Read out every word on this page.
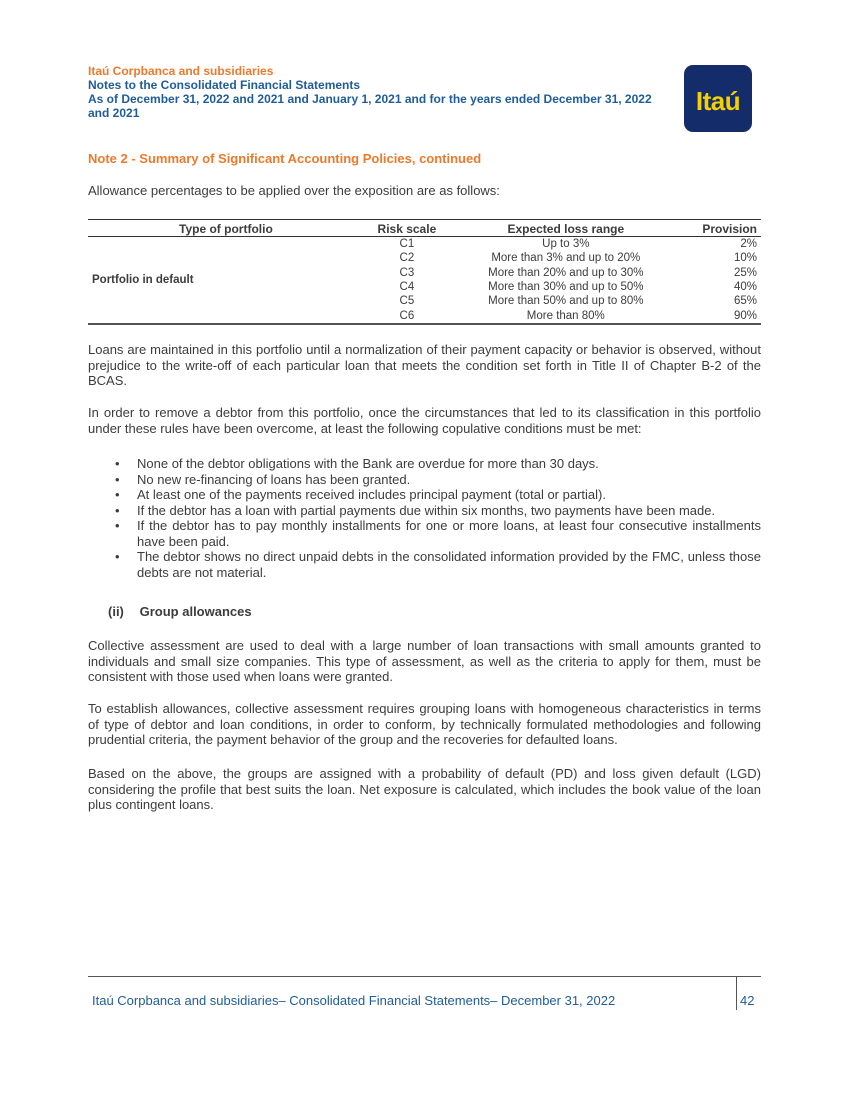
Itaú Corpbanca and subsidiaries
Notes to the Consolidated Financial Statements
As of December 31, 2022 and 2021 and January 1, 2021 and for the years ended December 31, 2022
and 2021	Itaú
Note 2 - Summary of Significant Accounting Policies, continued
Allowance percentages to be applied over the exposition are as follows:
Type of portfolio	Risk scale	Expected loss range	Provision
Portfolio in default	C1	Up to 3%	2%
	C2	More than 3% and up to 20%	10%
	C3	More than 20% and up to 30%	25%
	C4	More than 30% and up to 50%	40%
	C5	More than 50% and up to 80%	65%
	C6	More than 80%	90%
Loans are maintained in this portfolio until a normalization of their payment capacity or behavior is observed, without prejudice to the write-off of each particular loan that meets the condition set forth in Title II of Chapter B-2 of the BCAS.
In order to remove a debtor from this portfolio, once the circumstances that led to its classification in this portfolio under these rules have been overcome, at least the following copulative conditions must be met:
• None of the debtor obligations with the Bank are overdue for more than 30 days.
• No new re-financing of loans has been granted.
• At least one of the payments received includes principal payment (total or partial).
• If the debtor has a loan with partial payments due within six months, two payments have been made.
• If the debtor has to pay monthly installments for one or more loans, at least four consecutive installments have been paid.
• The debtor shows no direct unpaid debts in the consolidated information provided by the FMC, unless those debts are not material.
(ii) Group allowances
Collective assessment are used to deal with a large number of loan transactions with small amounts granted to individuals and small size companies. This type of assessment, as well as the criteria to apply for them, must be consistent with those used when loans were granted.
To establish allowances, collective assessment requires grouping loans with homogeneous characteristics in terms of type of debtor and loan conditions, in order to conform, by technically formulated methodologies and following prudential criteria, the payment behavior of the group and the recoveries for defaulted loans.
Based on the above, the groups are assigned with a probability of default (PD) and loss given default (LGD) considering the profile that best suits the loan. Net exposure is calculated, which includes the book value of the loan plus contingent loans.
Itaú Corpbanca and subsidiaries– Consolidated Financial Statements– December 31, 2022	42
